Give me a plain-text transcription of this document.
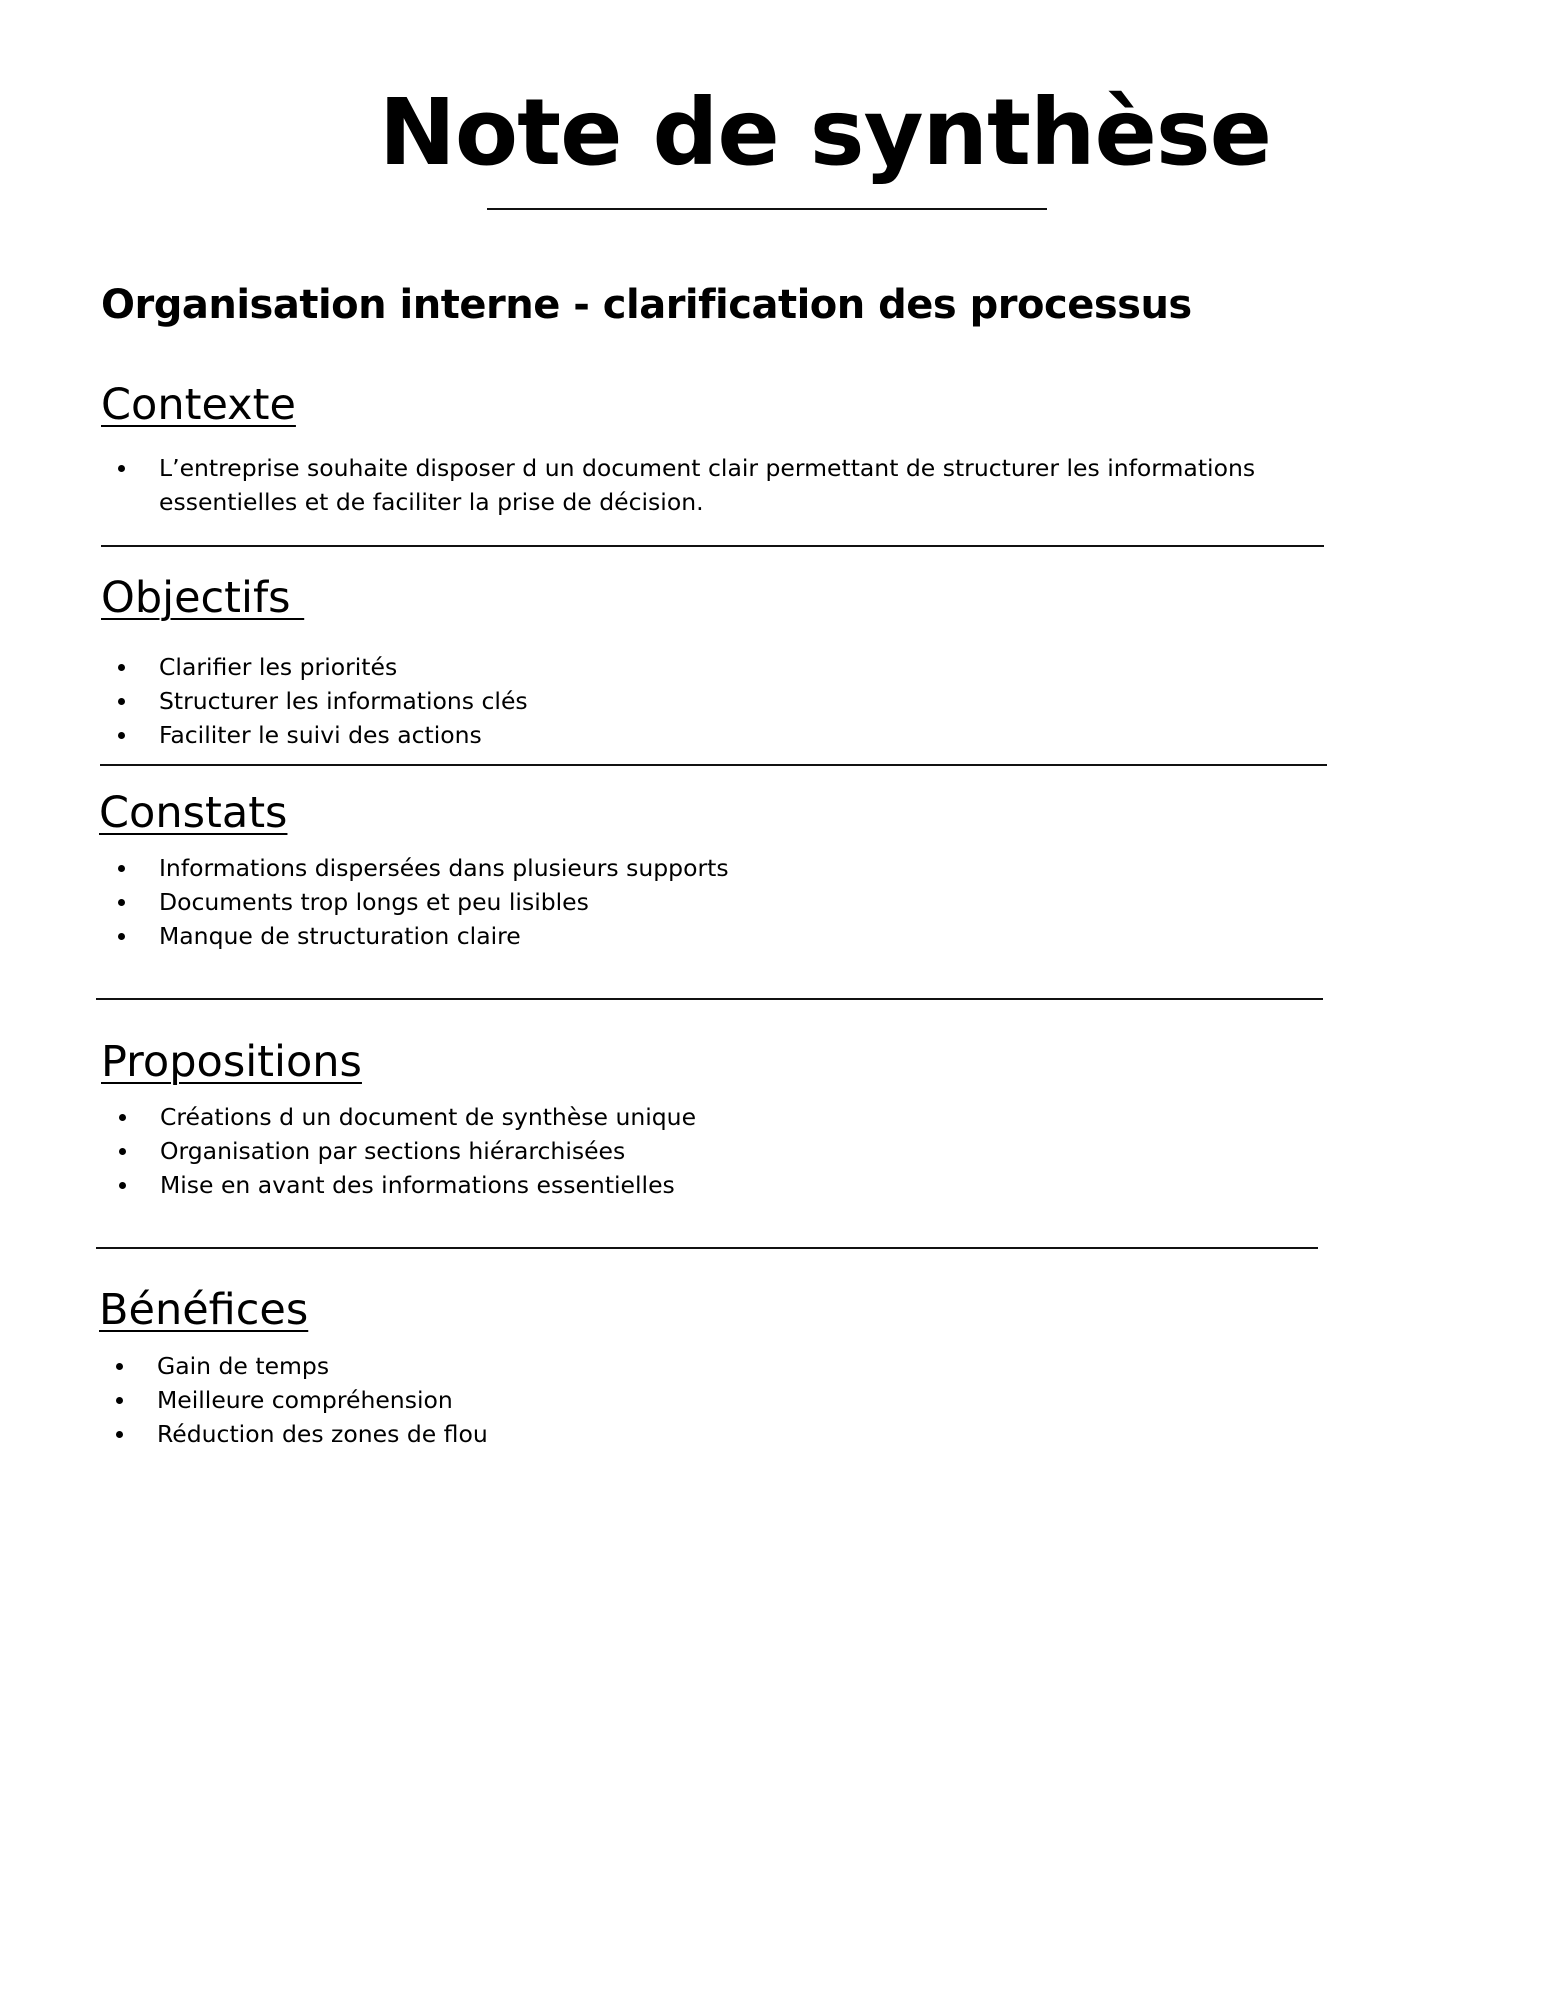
Note de synthèse
Organisation interne - clarification des processus
Contexte
L’entreprise souhaite disposer d un document clair permettant de structurer les informations essentielles et de faciliter la prise de décision.
Objectifs
Clarifier les priorités
Structurer les informations clés
Faciliter le suivi des actions
Constats
Informations dispersées dans plusieurs supports
Documents trop longs et peu lisibles
Manque de structuration claire
Propositions
Créations d un document de synthèse unique
Organisation par sections hiérarchisées
Mise en avant des informations essentielles
Bénéfices
Gain de temps
Meilleure compréhension
Réduction des zones de flou
